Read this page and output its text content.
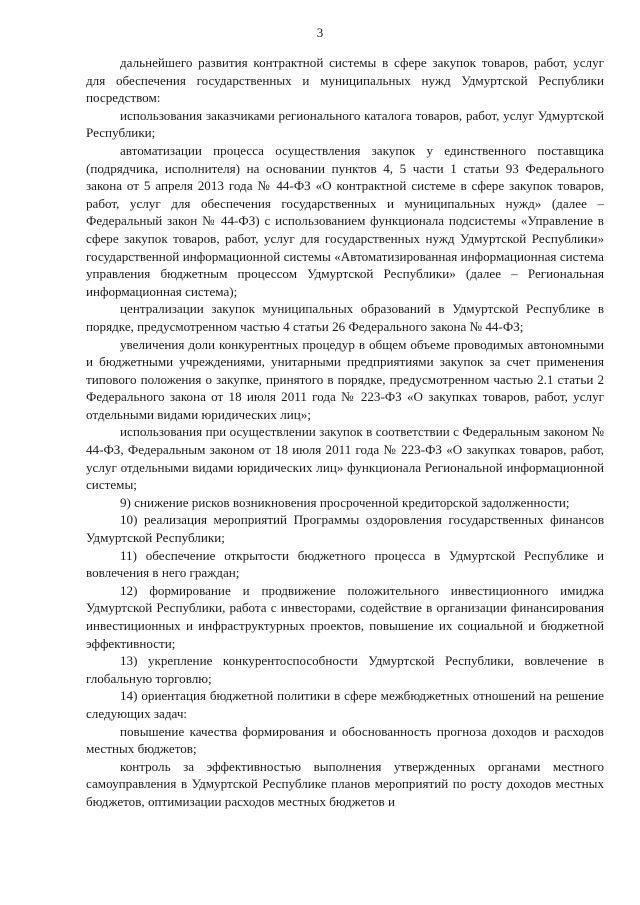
3

дальнейшего развития контрактной системы в сфере закупок товаров, работ, услуг для обеспечения государственных и муниципальных нужд Удмуртской Республики посредством:

использования заказчиками регионального каталога товаров, работ, услуг Удмуртской Республики;

автоматизации процесса осуществления закупок у единственного поставщика (подрядчика, исполнителя) на основании пунктов 4, 5 части 1 статьи 93 Федерального закона от 5 апреля 2013 года № 44-ФЗ «О контрактной системе в сфере закупок товаров, работ, услуг для обеспечения государственных и муниципальных нужд» (далее – Федеральный закон № 44-ФЗ) с использованием функционала подсистемы «Управление в сфере закупок товаров, работ, услуг для государственных нужд Удмуртской Республики» государственной информационной системы «Автоматизированная информационная система управления бюджетным процессом Удмуртской Республики» (далее – Региональная информационная система);

централизации закупок муниципальных образований в Удмуртской Республике в порядке, предусмотренном частью 4 статьи 26 Федерального закона № 44-ФЗ;

увеличения доли конкурентных процедур в общем объеме проводимых автономными и бюджетными учреждениями, унитарными предприятиями закупок за счет применения типового положения о закупке, принятого в порядке, предусмотренном частью 2.1 статьи 2 Федерального закона от 18 июля 2011 года № 223-ФЗ «О закупках товаров, работ, услуг отдельными видами юридических лиц»;

использования при осуществлении закупок в соответствии с Федеральным законом № 44-ФЗ, Федеральным законом от 18 июля 2011 года № 223-ФЗ «О закупках товаров, работ, услуг отдельными видами юридических лиц» функционала Региональной информационной системы;

9) снижение рисков возникновения просроченной кредиторской задолженности;

10) реализация мероприятий Программы оздоровления государственных финансов Удмуртской Республики;

11) обеспечение открытости бюджетного процесса в Удмуртской Республике и вовлечения в него граждан;

12) формирование и продвижение положительного инвестиционного имиджа Удмуртской Республики, работа с инвесторами, содействие в организации финансирования инвестиционных и инфраструктурных проектов, повышение их социальной и бюджетной эффективности;

13) укрепление конкурентоспособности Удмуртской Республики, вовлечение в глобальную торговлю;

14) ориентация бюджетной политики в сфере межбюджетных отношений на решение следующих задач:

повышение качества формирования и обоснованность прогноза доходов и расходов местных бюджетов;

контроль за эффективностью выполнения утвержденных органами местного самоуправления в Удмуртской Республике планов мероприятий по росту доходов местных бюджетов, оптимизации расходов местных бюджетов и
